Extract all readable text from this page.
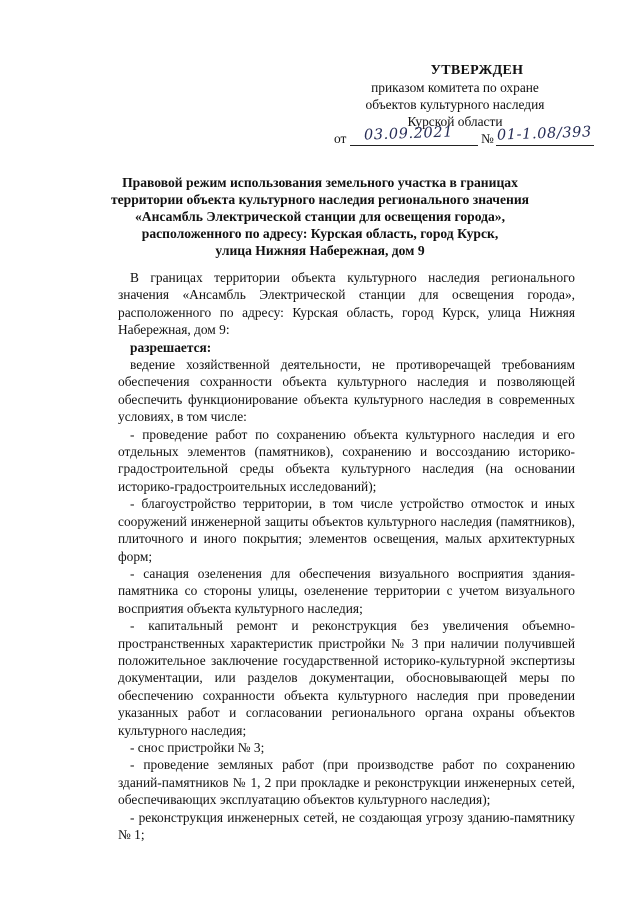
УТВЕРЖДЕН
приказом комитета по охране
объектов культурного наследия
Курской области
от 03.09.2021 № 01-1.08/393
Правовой режим использования земельного участка в границах
территории объекта культурного наследия регионального значения
«Ансамбль Электрической станции для освещения города»,
расположенного по адресу: Курская область, город Курск,
улица Нижняя Набережная, дом 9

В границах территории объекта культурного наследия регионального значения «Ансамбль Электрической станции для освещения города», расположенного по адресу: Курская область, город Курск, улица Нижняя Набережная, дом 9:

разрешается:

ведение хозяйственной деятельности, не противоречащей требованиям обеспечения сохранности объекта культурного наследия и позволяющей обеспечить функционирование объекта культурного наследия в современных условиях, в том числе:

- проведение работ по сохранению объекта культурного наследия и его отдельных элементов (памятников), сохранению и воссозданию историко-градостроительной среды объекта культурного наследия (на основании историко-градостроительных исследований);

- благоустройство территории, в том числе устройство отмосток и иных сооружений инженерной защиты объектов культурного наследия (памятников), плиточного и иного покрытия; элементов освещения, малых архитектурных форм;

- санация озеленения для обеспечения визуального восприятия здания-памятника со стороны улицы, озеленение территории с учетом визуального восприятия объекта культурного наследия;

- капитальный ремонт и реконструкция без увеличения объемно-пространственных характеристик пристройки № 3 при наличии получившей положительное заключение государственной историко-культурной экспертизы документации, или разделов документации, обосновывающей меры по обеспечению сохранности объекта культурного наследия при проведении указанных работ и согласовании регионального органа охраны объектов культурного наследия;

- снос пристройки № 3;

- проведение земляных работ (при производстве работ по сохранению зданий-памятников № 1, 2 при прокладке и реконструкции инженерных сетей, обеспечивающих эксплуатацию объектов культурного наследия);

- реконструкция инженерных сетей, не создающая угрозу зданию-памятнику № 1;
